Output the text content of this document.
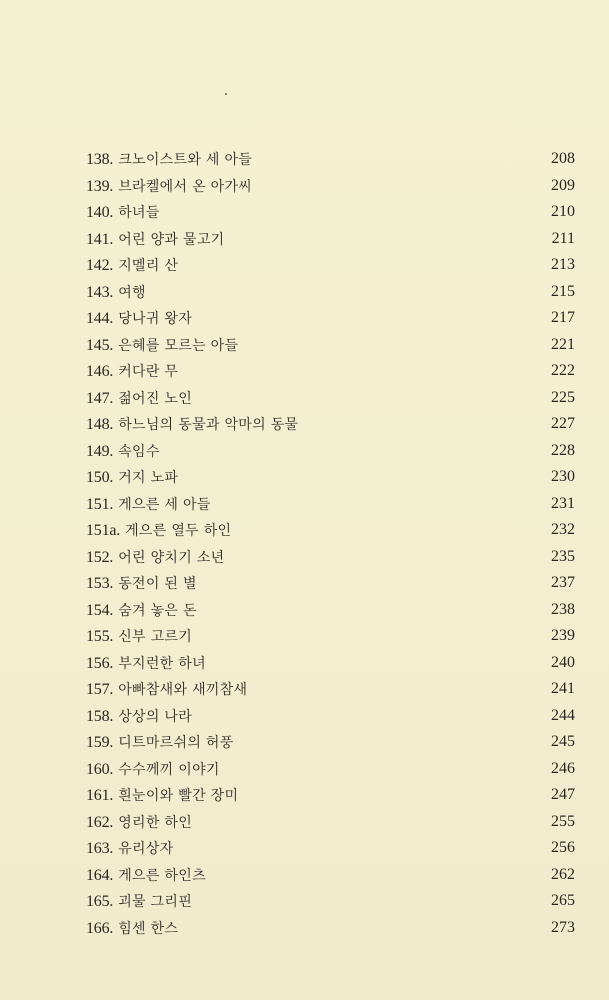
138. 크노이스트와 세 아들	208
139. 브라켈에서 온 아가씨	209
140. 하녀들	210
141. 어린 양과 물고기	211
142. 지멜리 산	213
143. 여행	215
144. 당나귀 왕자	217
145. 은혜를 모르는 아들	221
146. 커다란 무	222
147. 젊어진 노인	225
148. 하느님의 동물과 악마의 동물	227
149. 속임수	228
150. 거지 노파	230
151. 게으른 세 아들	231
151a. 게으른 열두 하인	232
152. 어린 양치기 소년	235
153. 동전이 된 별	237
154. 숨겨 놓은 돈	238
155. 신부 고르기	239
156. 부지런한 하녀	240
157. 아빠참새와 새끼참새	241
158. 상상의 나라	244
159. 디트마르쉬의 허풍	245
160. 수수께끼 이야기	246
161. 흰눈이와 빨간 장미	247
162. 영리한 하인	255
163. 유리상자	256
164. 게으른 하인츠	262
165. 괴물 그리핀	265
166. 힘센 한스	273
